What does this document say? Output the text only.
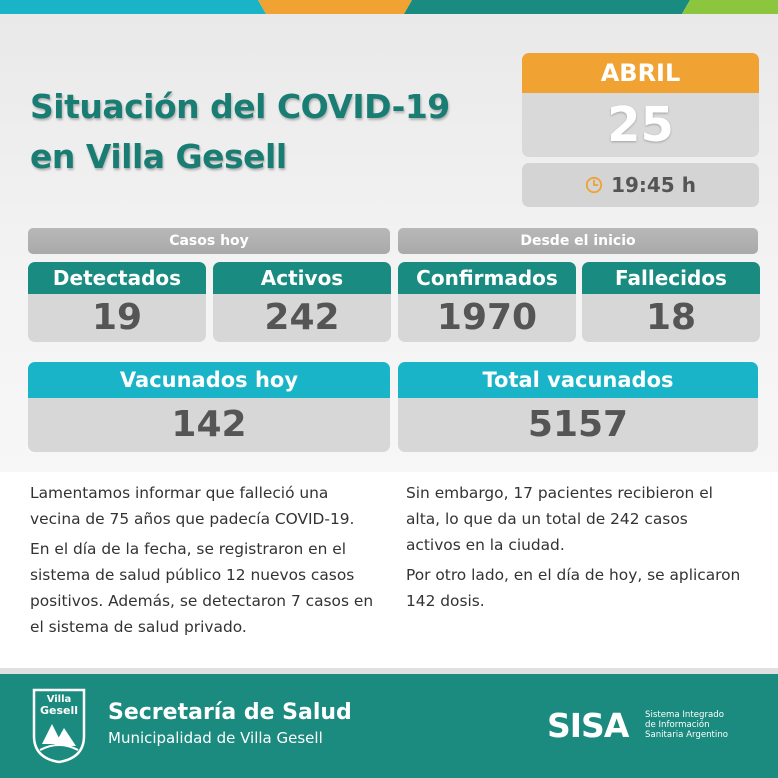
Situación del COVID-19
en Villa Gesell
ABRIL
25
19:45 h
Casos hoy	Desde el inicio
Detectados
19
Activos
242
Confirmados
1970
Fallecidos
18
Vacunados hoy
142
Total vacunados
5157

Lamentamos informar que falleció una vecina de 75 años que padecía COVID-19.

En el día de la fecha, se registraron en el sistema de salud público 12 nuevos casos positivos. Además, se detectaron 7 casos en el sistema de salud privado.

Sin embargo, 17 pacientes recibieron el alta, lo que da un total de 242 casos activos en la ciudad.

Por otro lado, en el día de hoy, se aplicaron 142 dosis.

Villa
Gesell Secretaría de Salud
Municipalidad de Villa Gesell	SISA Sistema Integrado
de Información
Sanitaria Argentino
